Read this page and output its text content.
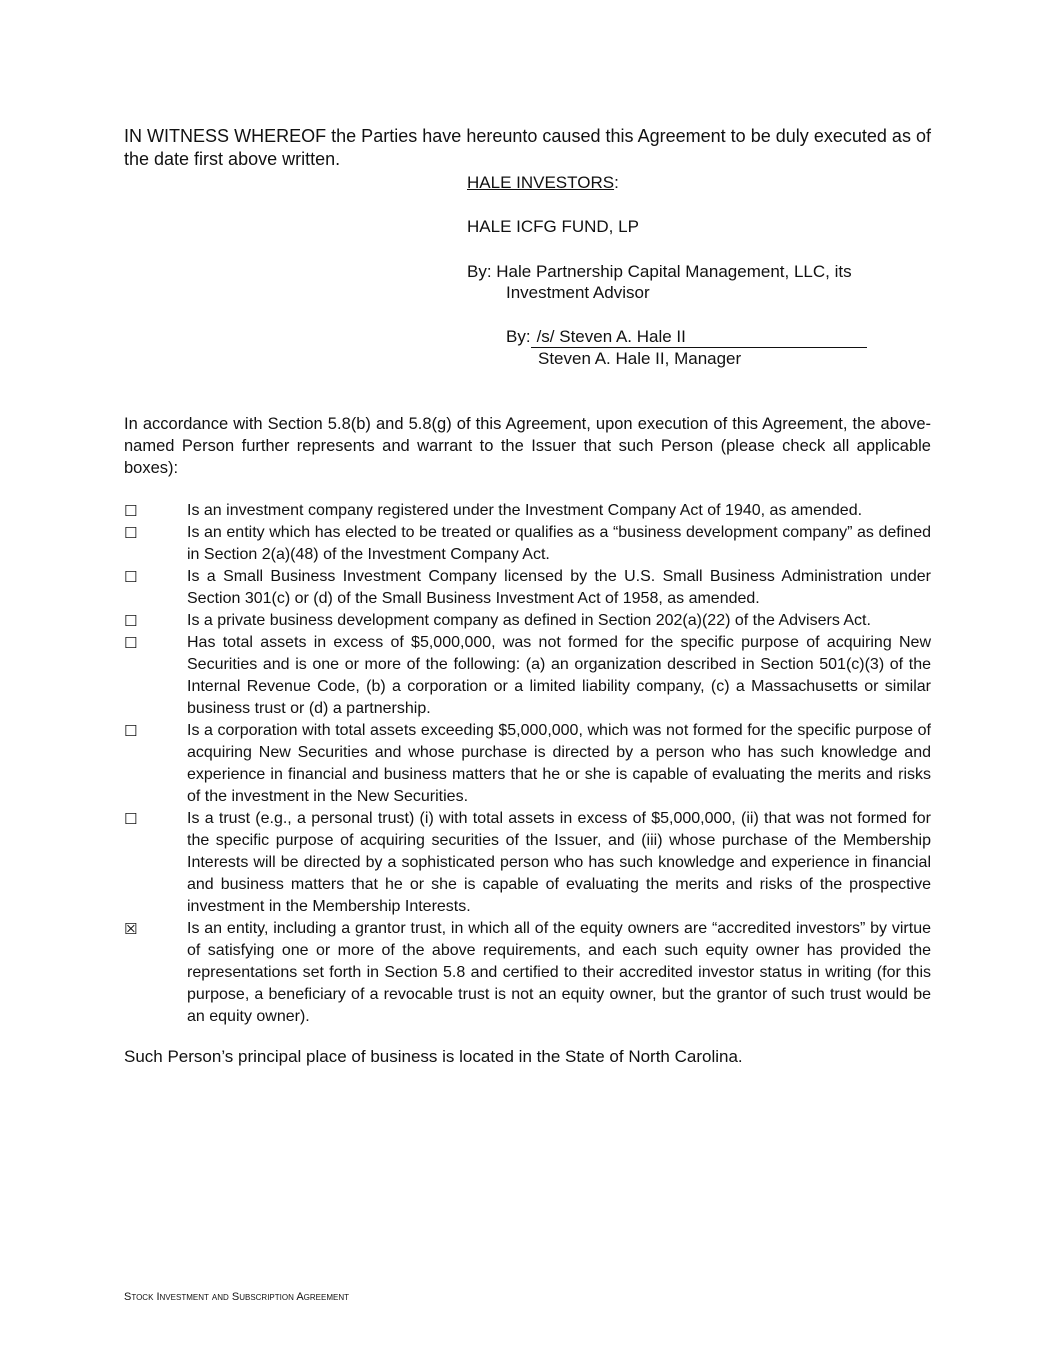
IN WITNESS WHEREOF the Parties have hereunto caused this Agreement to be duly executed as of the date first above written.
HALE INVESTORS:
HALE ICFG FUND, LP
By: Hale Partnership Capital Management, LLC, its
Investment Advisor
By: /s/ Steven A. Hale II
Steven A. Hale II, Manager
In accordance with Section 5.8(b) and 5.8(g) of this Agreement, upon execution of this Agreement, the above-named Person further represents and warrant to the Issuer that such Person (please check all applicable boxes):
☐	Is an investment company registered under the Investment Company Act of 1940, as amended.
☐	Is an entity which has elected to be treated or qualifies as a “business development company” as defined in Section 2(a)(48) of the Investment Company Act.
☐	Is a Small Business Investment Company licensed by the U.S. Small Business Administration under Section 301(c) or (d) of the Small Business Investment Act of 1958, as amended.
☐	Is a private business development company as defined in Section 202(a)(22) of the Advisers Act.
☐	Has total assets in excess of $5,000,000, was not formed for the specific purpose of acquiring New Securities and is one or more of the following: (a) an organization described in Section 501(c)(3) of the Internal Revenue Code, (b) a corporation or a limited liability company, (c) a Massachusetts or similar business trust or (d) a partnership.
☐	Is a corporation with total assets exceeding $5,000,000, which was not formed for the specific purpose of acquiring New Securities and whose purchase is directed by a person who has such knowledge and experience in financial and business matters that he or she is capable of evaluating the merits and risks of the investment in the New Securities.
☐	Is a trust (e.g., a personal trust) (i) with total assets in excess of $5,000,000, (ii) that was not formed for the specific purpose of acquiring securities of the Issuer, and (iii) whose purchase of the Membership Interests will be directed by a sophisticated person who has such knowledge and experience in financial and business matters that he or she is capable of evaluating the merits and risks of the prospective investment in the Membership Interests.
☒	Is an entity, including a grantor trust, in which all of the equity owners are “accredited investors” by virtue of satisfying one or more of the above requirements, and each such equity owner has provided the representations set forth in Section 5.8 and certified to their accredited investor status in writing (for this purpose, a beneficiary of a revocable trust is not an equity owner, but the grantor of such trust would be an equity owner).
Such Person’s principal place of business is located in the State of North Carolina.
Stock Investment and Subscription Agreement
